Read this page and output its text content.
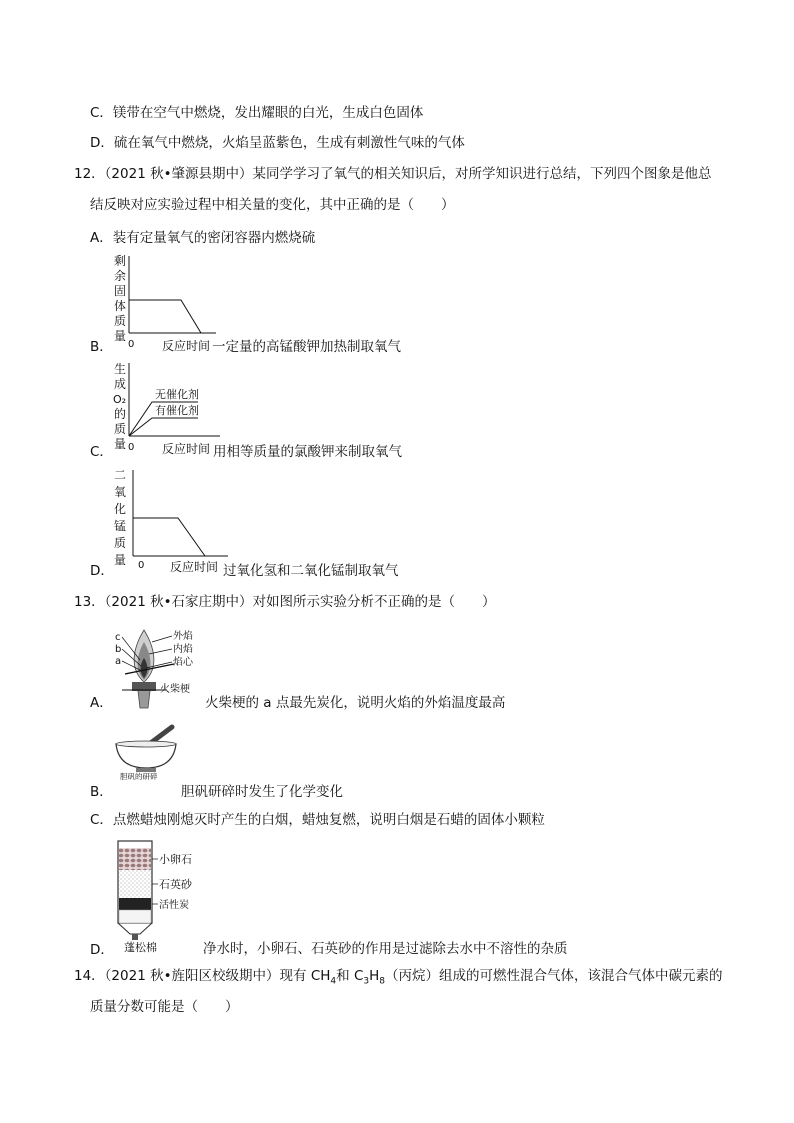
C．镁带在空气中燃烧，发出耀眼的白光，生成白色固体
D．硫在氧气中燃烧，火焰呈蓝紫色，生成有刺激性气味的气体
12．（2021 秋•肇源县期中）某同学学习了氧气的相关知识后，对所学知识进行总结，下列四个图象是他总
结反映对应实验过程中相关量的变化，其中正确的是（　　）
A．装有定量氧气的密闭容器内燃烧硫
剩
余
固
体
质
量
0
B．	反应时间 一定量的高锰酸钾加热制取氧气
生
成
O₂
的
质
量
无催化剂
有催化剂
0
C．	反应时间 用相等质量的氯酸钾来制取氧气
二
氧
化
锰
质
量 0
D．	反应时间 过氧化氢和二氧化锰制取氧气
13．（2021 秋•石家庄期中）对如图所示实验分析不正确的是（　　）
c
b
a
外焰
内焰
焰心
火柴梗
A．	火柴梗的 a 点最先炭化，说明火焰的外焰温度最高
胆矾的研碎
B．	胆矾研碎时发生了化学变化
C．点燃蜡烛刚熄灭时产生的白烟，蜡烛复燃，说明白烟是石蜡的固体小颗粒
小卵石
石英砂
活性炭
蓬松棉
D．	净水时，小卵石、石英砂的作用是过滤除去水中不溶性的杂质
14．（2021 秋•旌阳区校级期中）现有 $CH_4$和 $C_3H_8$（丙烷）组成的可燃性混合气体，该混合气体中碳元素的
质量分数可能是（　　）
